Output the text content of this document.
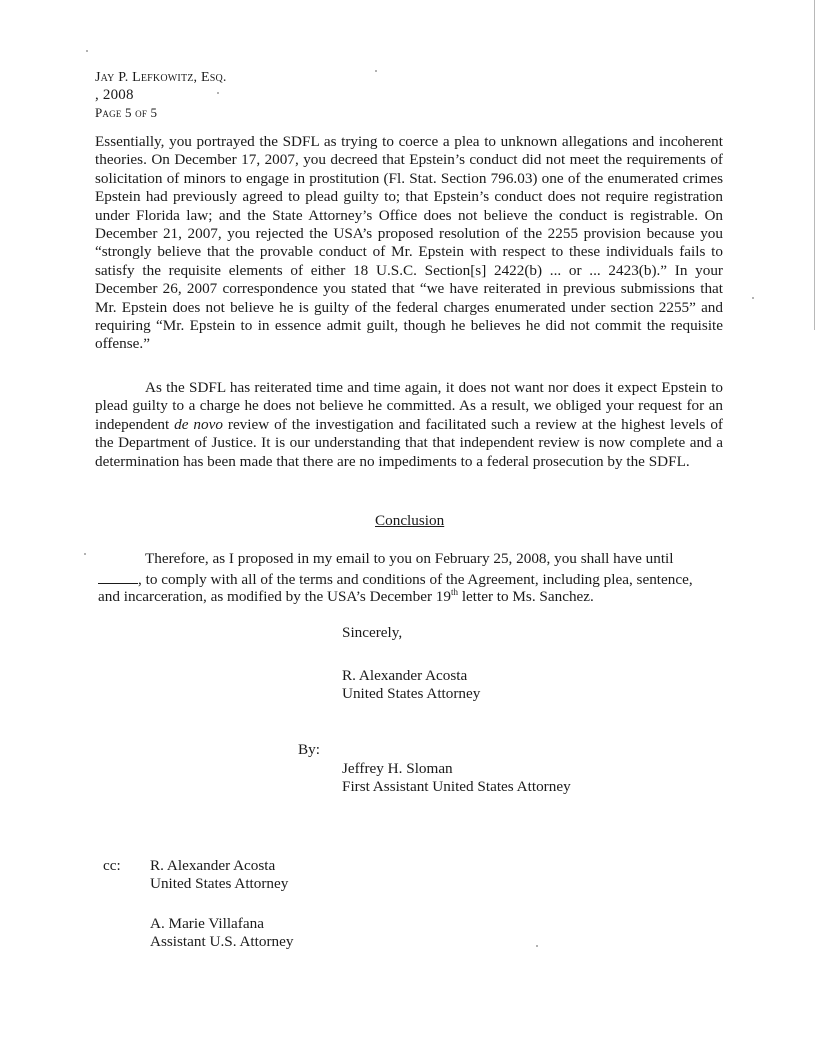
Jay P. Lefkowitz, Esq.
, 2008
Page 5 of 5

Essentially, you portrayed the SDFL as trying to coerce a plea to unknown allegations and incoherent theories. On December 17, 2007, you decreed that Epstein’s conduct did not meet the requirements of solicitation of minors to engage in prostitution (Fl. Stat. Section 796.03) one of the enumerated crimes Epstein had previously agreed to plead guilty to; that Epstein’s conduct does not require registration under Florida law; and the State Attorney’s Office does not believe the conduct is registrable. On December 21, 2007, you rejected the USA’s proposed resolution of the 2255 provision because you “strongly believe that the provable conduct of Mr. Epstein with respect to these individuals fails to satisfy the requisite elements of either 18 U.S.C. Section[s] 2422(b) ... or ... 2423(b).” In your December 26, 2007 correspondence you stated that “we have reiterated in previous submissions that Mr. Epstein does not believe he is guilty of the federal charges enumerated under section 2255” and requiring “Mr. Epstein to in essence admit guilt, though he believes he did not commit the requisite offense.”

As the SDFL has reiterated time and time again, it does not want nor does it expect Epstein to plead guilty to a charge he does not believe he committed. As a result, we obliged your request for an independent de novo review of the investigation and facilitated such a review at the highest levels of the Department of Justice. It is our understanding that that independent review is now complete and a determination has been made that there are no impediments to a federal prosecution by the SDFL.

Conclusion
Therefore, as I proposed in my email to you on February 25, 2008, you shall have until
, to comply with all of the terms and conditions of the Agreement, including plea, sentence,
and incarceration, as modified by the USA’s December 19th letter to Ms. Sanchez.
Sincerely,
R. Alexander Acosta
United States Attorney
By:
Jeffrey H. Sloman
First Assistant United States Attorney
cc: R. Alexander Acosta
United States Attorney
A. Marie Villafana
Assistant U.S. Attorney
